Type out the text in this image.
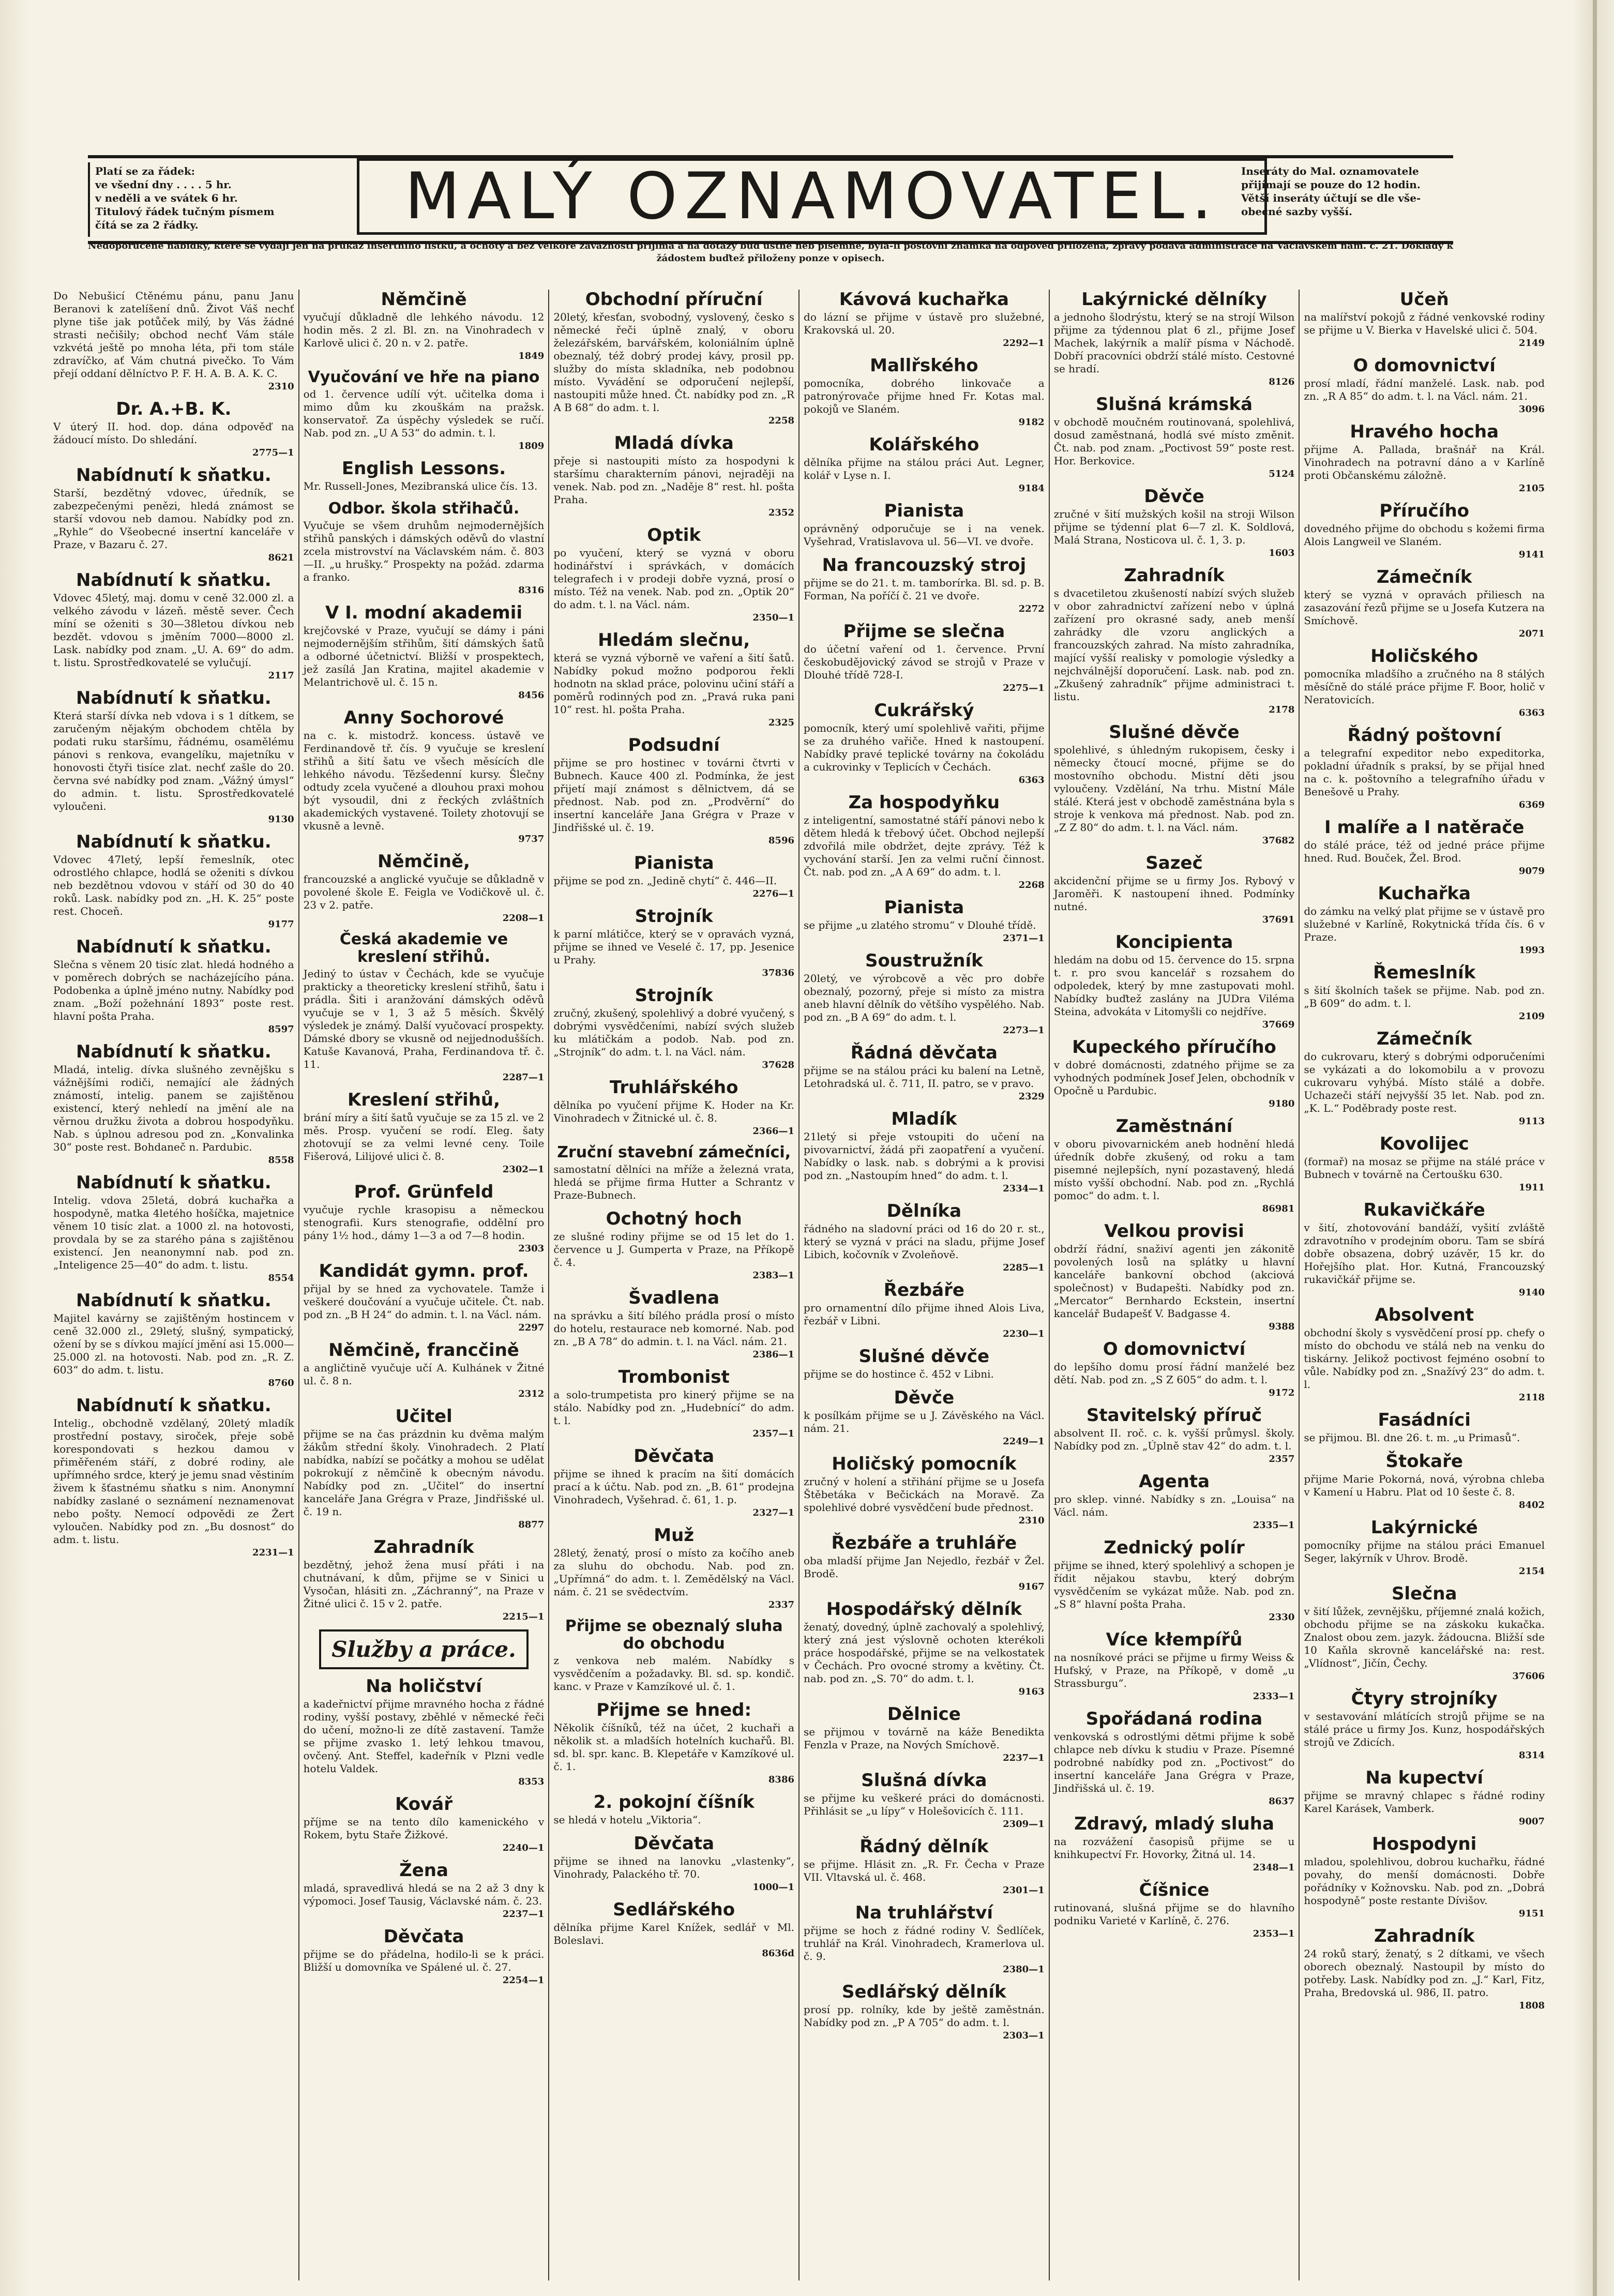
Platí se za řádek:
ve všední dny . . . . 5 hr.
v neděli a ve svátek 6 hr.
Titulový řádek tučným písmem
čítá se za 2 řádky.	MALÝ OZNAMOVATEL. Inseráty do Mal. oznamovatele
přijímají se pouze do 12 hodin.
Větší inseráty účtují se dle vše-
obecné sazby vyšší.
Nedoporučené nabídky, které se vydají jen na průkaz insertního lístku, a ochoty a bez velkoré závaznosti přijímá a na dotazy buď ústně neb písemně, byla-li poštovní známka na odpověď přiložena, zprávy podává administrace na Václavském nám. č. 21. Doklady k žádostem buďtež přiloženy ponze v opisech.
Do Nebušicí Ctěnému pánu, panu Janu Beranovi k zatelíšení dnů. Život Váš nechť plyne tiše jak potůček milý, by Vás žádné strasti nečišily; obchod nechť Vám stále vzkvétá ještě po mnoha léta, při tom stále zdravíčko, ať Vám chutná pivečko. To Vám přejí oddaní dělníctvo P. F. H. A. B. A. K. C.
2310
Dr. A.+B. K.
V úterý II. hod. dop. dána odpověď na žádoucí místo. Do shledání.
2775—1
Nabídnutí k sňatku.
Starší, bezdětný vdovec, úředník, se zabezpečenými penězi, hledá známost se starší vdovou neb damou. Nabídky pod zn. „Ryhle“ do Všeobecné insertní kanceláře v Praze, v Bazaru č. 27.
8621
Nabídnutí k sňatku.
Vdovec 45letý, maj. domu v ceně 32.000 zl. a velkého závodu v lázeň. městě sever. Čech míní se oženiti s 30—38letou dívkou neb bezdět. vdovou s jměním 7000—8000 zl. Lask. nabídky pod znam. „U. A. 69“ do adm. t. listu. Sprostředkovatelé se vylučují.
2117
Nabídnutí k sňatku.
Která starší dívka neb vdova i s 1 dítkem, se zaručeným nějakým obchodem chtěla by podati ruku staršímu, řádnému, osamělému pánovi s renkova, evangelíku, majetníku v honovosti čtyři tisíce zlat. nechť zašle do 20. června své nabídky pod znam. „Vážný úmysl“ do admin. t. listu. Sprostředkovatelé vyloučeni.
9130
Nabídnutí k sňatku.
Vdovec 47letý, lepší řemeslník, otec odrostlého chlapce, hodlá se oženiti s dívkou neb bezdětnou vdovou v stáří od 30 do 40 roků. Lask. nabídky pod zn. „H. K. 25“ poste rest. Choceň.
9177
Nabídnutí k sňatku.
Slečna s věnem 20 tisíc zlat. hledá hodného a v poměrech dobrých se nacházejícího pána. Podobenka a úplně jméno nutny. Nabídky pod znam. „Boží požehnání 1893“ poste rest. hlavní pošta Praha.
8597
Nabídnutí k sňatku.
Mladá, intelig. dívka slušného zevnějšku s vážnějšími rodiči, nemající ale žádných známostí, intelig. panem se zajištěnou existencí, který nehledí na jmění ale na věrnou družku života a dobrou hospodyňku. Nab. s úplnou adresou pod zn. „Konvalinka 30“ poste rest. Bohdaneč n. Pardubic.
8558
Nabídnutí k sňatku.
Intelig. vdova 25letá, dobrá kuchařka a hospodyně, matka 4letého hošíčka, majetnice věnem 10 tisíc zlat. a 1000 zl. na hotovosti, provdala by se za starého pána s zajištěnou existencí. Jen neanonymní nab. pod zn. „Inteligence 25—40“ do adm. t. listu.
8554
Nabídnutí k sňatku.
Majitel kavárny se zajištěným hostincem v ceně 32.000 zl., 29letý, slušný, sympatický, ožení by se s dívkou mající jmění asi 15.000—25.000 zl. na hotovosti. Nab. pod zn. „R. Z. 603“ do adm. t. listu.
8760
Nabídnutí k sňatku.
Intelig., obchodně vzdělaný, 20letý mladík prostřední postavy, siroček, přeje sobě korespondovati s hezkou damou v přiměřeném stáří, z dobré rodiny, ale upřímného srdce, který je jemu snad věstiním živem k šťastnému sňatku s nim. Anonymní nabídky zaslané o seznámení neznamenovat nebo pošty. Nemocí odpovědi ze Žert vyloučen. Nabídky pod zn. „Bu dosnost“ do adm. t. listu.
2231—1
Němčině
vyučují důkladně dle lehkého návodu. 12 hodin měs. 2 zl. Bl. zn. na Vinohradech v Karlově ulici č. 20 n. v 2. patře.
1849
Vyučování ve hře na piano
od 1. července udílí výt. učitelka doma i mimo dům ku zkouškám na pražsk. konservatoř. Za úspěchy výsledek se ručí. Nab. pod zn. „U A 53“ do admin. t. l.
1809
English Lessons.
Mr. Russell-Jones, Mezibranská ulice čís. 13.
Odbor. škola střihačů.
Vyučuje se všem druhům nejmodernějších střihů panských i dámských oděvů do vlastní zcela mistrovství na Václavském nám. č. 803—II. „u hrušky.“ Prospekty na požád. zdarma a franko.
8316
V I. modní akademii
krejčovské v Praze, vyučují se dámy i páni nejmodernějším střihům, šití dámských šatů a odborné účetnictví. Bližší v prospektech, jež zasílá Jan Kratina, majitel akademie v Melantrichově ul. č. 15 n.
8456
Anny Sochorové
na c. k. mistodrž. koncess. ústavě ve Ferdinandově tř. čís. 9 vyučuje se kreslení střihů a šití šatu ve všech měsících dle lehkého návodu. Tězšedenní kursy. Šlečny odtudy zcela vyučené a dlouhou praxi mohou být vysoudil, dni z řeckých zvláštních akademických vystavené. Toilety zhotovují se vkusně a levně.
9737
Němčině,
francouzské a anglické vyučuje se důkladně v povolené škole E. Feigla ve Vodičkově ul. č. 23 v 2. patře.
2208—1
Česká akademie ve kreslení střihů.
Jediný to ústav v Čechách, kde se vyučuje prakticky a theoreticky kreslení střihů, šatu i prádla. Šiti i aranžování dámských oděvů vyučuje se v 1, 3 až 5 měsích. Škvělý výsledek je známý. Další vyučovací prospekty. Dámské dbory se vkusně od nejjednodušších. Katuše Kavanová, Praha, Ferdinandova tř. č. 11.
2287—1
Kreslení střihů,
brání míry a šití šatů vyučuje se za 15 zl. ve 2 měs. Prosp. vyučení se rodí. Eleg. šaty zhotovují se za velmi levné ceny. Toile Fišerová, Lilijové ulici č. 8.
2302—1
Prof. Grünfeld
vyučuje rychle krasopisu a německou stenografii. Kurs stenografie, oddělní pro pány 1½ hod., dámy 1—3 a od 7—8 hodin.
2303
Kandidát gymn. prof.
přijal by se hned za vychovatele. Tamže i veškeré doučování a vyučuje učitele. Čt. nab. pod zn. „B H 24“ do admin. t. l. na Václ. nám.
2297
Němčině, francčině
a angličtině vyučuje učí A. Kulhánek v Žitné ul. č. 8 n.
2312
Učitel
přijme se na čas prázdnin ku dvěma malým žákům střední školy. Vinohradech. 2 Platí nabídka, nabízí se počátky a mohou se udělat pokrokují z němčině k obecným návodu. Nabídky pod zn. „Učitel“ do insertní kanceláře Jana Grégra v Praze, Jindřišské ul. č. 19 n.
8877
Zahradník
bezdětný, jehož žena musí přáti i na chutnávaní, k dům, přijme se v Sinici u Vysočan, hlásiti zn. „Záchranný“, na Praze v Žitné ulici č. 15 v 2. patře.
2215—1
Služby a práce.
Na holičství
a kadeřnictví přijme mravného hocha z řádné rodiny, vyšší postavy, zběhlé v německé řeči do učení, možno-li ze dítě zastavení. Tamže se přijme zvasko 1. letý lehkou tmavou, ovčený. Ant. Steffel, kadeřník v Plzni vedle hotelu Valdek.
8353
Kovář
příjme se na tento dílo kamenického v Rokem, bytu Staře Žižkové.
2240—1
Žena
mladá, spravedlivá hledá se na 2 až 3 dny k výpomoci. Josef Tausig, Václavské nám. č. 23.
2237—1
Děvčata
přijme se do přádelna, hodilo-li se k práci. Bližší u domovníka ve Spálené ul. č. 27.
2254—1
Obchodní příruční
20letý, křesťan, svobodný, vyslovený, česko s německé řeči úplně znalý, v oboru železářském, barvářském, koloniálním úplně obeznalý, též dobrý prodej kávy, prosil pp. služby do místa skladníka, neb podobnou místo. Vyvádění se odporučení nejlepší, nastoupiti může hned. Čt. nabídky pod zn. „R A B 68“ do adm. t. l.
2258
Mladá dívka
přeje si nastoupiti místo za hospodyni k staršímu charakterním pánovi, nejraději na venek. Nab. pod zn. „Naděje 8“ rest. hl. pošta Praha.
2352
Optik
po vyučení, který se vyzná v oboru hodinářství i správkách, v domácích telegrafech i v prodeji dobře vyzná, prosí o místo. Též na venek. Nab. pod zn. „Optik 20“ do adm. t. l. na Václ. nám.
2350—1
Hledám slečnu,
která se vyzná výborně ve vaření a šití šatů. Nabídky pokud možno podporou řekli hodnotn na sklad práce, polovinu učiní stáří a poměrů rodinných pod zn. „Pravá ruka pani 10“ rest. hl. pošta Praha.
2325
Podsudní
přijme se pro hostinec v továrni čtvrti v Bubnech. Kauce 400 zl. Podmínka, že jest přijetí mají známost s dělnictvem, dá se přednost. Nab. pod zn. „Prodvěrní“ do insertní kanceláře Jana Grégra v Praze v Jindřišské ul. č. 19.
8596
Pianista
přijme se pod zn. „Jedině chytí“ č. 446—II.
2276—1
Strojník
k parní mlátičce, který se v opravách vyzná, přijme se ihned ve Veselé č. 17, pp. Jesenice u Prahy.
37836
Strojník
zručný, zkušený, spolehlivý a dobré vyučený, s dobrými vysvědčeními, nabízí svých služeb ku mlátičkám a podob. Nab. pod zn. „Strojník“ do adm. t. l. na Václ. nám.
37628
Truhlářského
dělníka po vyučení přijme K. Hoder na Kr. Vinohradech v Žitnické ul. č. 8.
2366—1
Zruční stavební zámečníci,
samostatní dělníci na mříže a železná vrata, hledá se přijme firma Hutter a Schrantz v Praze-Bubnech.
Ochotný hoch
ze slušné rodiny přijme se od 15 let do 1. července u J. Gumperta v Praze, na Příkopě č. 4.
2383—1
Švadlena
na správku a šití bílého prádla prosí o místo do hotelu, restaurace neb komorné. Nab. pod zn. „B A 78“ do admin. t. l. na Václ. nám. 21.
2386—1
Trombonist
a solo-trumpetista pro kinerý přijme se na stálo. Nabídky pod zn. „Hudebnící“ do adm. t. l.
2357—1
Děvčata
přijme se ihned k pracím na šití domácích prací a k účtu. Nab. pod zn. „B. 61“ prodejna Vinohradech, Vyšehrad. č. 61, 1. p.
2327—1
Muž
28letý, ženatý, prosí o místo za kočího aneb za sluhu do obchodu. Nab. pod zn. „Upřímná“ do adm. t. l. Zemědělský na Václ. nám. č. 21 se svědectvím.
2337
Přijme se obeznalý sluha do obchodu
z venkova neb malém. Nabídky s vysvědčením a požadavky. Bl. sd. sp. kondič. kanc. v Praze v Kamzíkové ul. č. 1.
Přijme se hned:
Několik číšníků, též na účet, 2 kuchaři a několik st. a mladších hotelních kuchařů. Bl. sd. bl. spr. kanc. B. Klepetáře v Kamzíkové ul. č. 1.
8386
2. pokojní číšník
se hledá v hotelu „Viktoria“.
Děvčata
přijme se ihned na lanovku „vlastenky“, Vinohrady, Palackého tř. 70.
1000—1
Sedlářského
dělníka přijme Karel Knížek, sedlář v Ml. Boleslavi.
8636d
Kávová kuchařka
do lázní se přijme v ústavě pro služebné, Krakovská ul. 20.
2292—1
Mallřského
pomocníka, dobrého linkovače a patronýrovače přijme hned Fr. Kotas mal. pokojů ve Slaném.
9182
Kolářského
dělníka přijme na stálou práci Aut. Legner, kolář v Lyse n. I.
9184
Pianista
oprávněný odporučuje se i na venek. Vyšehrad, Vratislavova ul. 56—VI. ve dvoře.
Na francouzský stroj
přijme se do 21. t. m. tamborírka. Bl. sd. p. B. Forman, Na poříčí č. 21 ve dvoře.
2272
Přijme se slečna
do účetní vaření od 1. července. První českobudějovický závod se strojů v Praze v Dlouhé třídě 728-I.
2275—1
Cukrářský
pomocník, který umí spolehlivě vařiti, přijme se za druhého vařiče. Hned k nastoupení. Nabídky pravé teplické továrny na čokoládu a cukrovinky v Teplicích v Čechách.
6363
Za hospodyňku
z inteligentní, samostatné stáří pánovi nebo k dětem hledá k třebový účet. Obchod nejlepší zdvořilá mile obdržet, dejte zprávy. Též k vychování starší. Jen za velmi ruční činnost. Čt. nab. pod zn. „A A 69“ do adm. t. l.
2268
Pianista
se přijme „u zlatého stromu“ v Dlouhé třídě.
2371—1
Soustružník
20letý, ve výrobcově a věc pro dobře obeznalý, pozorný, přeje si místo za mistra aneb hlavní dělník do většího vyspělého. Nab. pod zn. „B A 69“ do adm. t. l.
2273—1
Řádná děvčata
přijme se na stálou práci ku balení na Letně, Letohradská ul. č. 711, II. patro, se v pravo.
2329
Mladík
21letý si přeje vstoupiti do učení na pivovarnictví, žádá při zaopatření a vyučení. Nabídky o lask. nab. s dobrými a k provisi pod zn. „Nastoupím hned“ do adm. t. l.
2334—1
Dělníka
řádného na sladovní práci od 16 do 20 r. st., který se vyzná v práci na sladu, přijme Josef Libich, kočovník v Zvoleňově.
2285—1
Řezbáře
pro ornamentní dílo přijme ihned Alois Liva, řezbář v Libni.
2230—1
Slušné děvče
přijme se do hostince č. 452 v Libni.
Děvče
k posílkám přijme se u J. Závěského na Václ. nám. 21.
2249—1
Holičský pomocník
zručný v holení a střihání přijme se u Josefa Štěbetáka v Bečickách na Moravě. Za spolehlivé dobré vysvědčení bude přednost.
2310
Řezbáře a truhláře
oba mladší přijme Jan Nejedlo, řezbář v Žel. Brodě.
9167
Hospodářský dělník
ženatý, dovedný, úplně zachovalý a spolehlivý, který zná jest výslovně ochoten kterékoli práce hospodářské, přijme se na velkostatek v Čechách. Pro ovocné stromy a květiny. Čt. nab. pod zn. „S. 70“ do adm. t. l.
9163
Dělnice
se přijmou v továrně na káže Benedikta Fenzla v Praze, na Nových Smíchově.
2237—1
Slušná dívka
se přijme ku veškeré práci do domácnosti. Přihlásit se „u lípy“ v Holešovicích č. 111.
2309—1
Řádný dělník
se přijme. Hlásit zn. „R. Fr. Čecha v Praze VII. Vltavská ul. č. 468.
2301—1
Na truhlářství
přijme se hoch z řádné rodiny V. Šedlíček, truhlář na Král. Vinohradech, Kramerlova ul. č. 9.
2380—1
Sedlářský dělník
prosí pp. rolníky, kde by ještě zaměstnán. Nabídky pod zn. „P A 705“ do adm. t. l.
2303—1
Lakýrnické dělníky
a jednoho šlodrýstu, který se na strojí Wilson přijme za týdennou plat 6 zl., přijme Josef Machek, lakýrník a malíř písma v Náchodě. Dobří pracovníci obdrží stálé místo. Cestovné se hradí.
8126
Slušná krámská
v obchodě moučném routinovaná, spolehlivá, dosud zaměstnaná, hodlá své místo změnit. Čt. nab. pod znam. „Poctivost 59“ poste rest. Hor. Berkovice.
5124
Děvče
zručné v šití mužských košil na stroji Wilson přijme se týdenní plat 6—7 zl. K. Soldlová, Malá Strana, Nosticova ul. č. 1, 3. p.
1603
Zahradník
s dvacetiletou zkušeností nabízí svých služeb v obor zahradnictví zařízení nebo v úplná zařízení pro okrasné sady, aneb menší zahrádky dle vzoru anglických a francouzských zahrad. Na místo zahradníka, mající vyšší realisky v pomologie výsledky a nejchválnější doporučení. Lask. nab. pod zn. „Zkušený zahradník“ přijme administraci t. listu.
2178
Slušné děvče
spolehlivé, s úhledným rukopisem, česky i německy čtoucí mocné, přijme se do mostovního obchodu. Mistní děti jsou vyloučeny. Vzdělání, Na trhu. Mistní Mále stálé. Která jest v obchodě zaměstnána byla s stroje k venkova má přednost. Nab. pod zn. „Z Z 80“ do adm. t. l. na Václ. nám.
37682
Sazeč
akcidenční přijme se u firmy Jos. Rybový v Jaroměři. K nastoupení ihned. Podmínky nutné.
37691
Koncipienta
hledám na dobu od 15. července do 15. srpna t. r. pro svou kancelář s rozsahem do odpoledek, který by mne zastupovati mohl. Nabídky buďtež zaslány na JUDra Viléma Steina, advokáta v Litomyšli co nejdříve.
37669
Kupeckého příručího
v dobré domácnosti, zdatného přijme se za vyhodných podmínek Josef Jelen, obchodník v Opočně u Pardubic.
9180
Zaměstnání
v oboru pivovarnickém aneb hodnění hledá úředník dobře zkušený, od roku a tam pisemné nejlepších, nyní pozastavený, hledá místo vyšší obchodní. Nab. pod zn. „Rychlá pomoc“ do adm. t. l.
86981
Velkou provisi
obdrží řádní, snaživí agenti jen zákonitě povolených losů na splátky u hlavní kanceláře bankovní obchod (akciová společnost) v Budapešti. Nabídky pod zn. „Mercator“ Bernhardo Eckstein, insertní kancelář Budapešť V. Badgasse 4.
9388
O domovnictví
do lepšího domu prosí řádní manželé bez dětí. Nab. pod zn. „S Z 605“ do adm. t. l.
9172
Stavitelský příruč
absolvent II. roč. c. k. vyšší průmysl. školy. Nabídky pod zn. „Úplně stav 42“ do adm. t. l.
2357
Agenta
pro sklep. vinné. Nabídky s zn. „Louisa“ na Václ. nám.
2335—1
Zednický polír
přijme se ihned, který spolehlivý a schopen je řídit nějakou stavbu, který dobrým vysvědčením se vykázat může. Nab. pod zn. „S 8“ hlavní pošta Praha.
2330
Více kłempířů
na nosníkové práci se přijme u firmy Weiss & Hufský, v Praze, na Příkopě, v domě „u Strassburgu“.
2333—1
Spořádaná rodina
venkovská s odrostlými dětmi přijme k sobě chlapce neb dívku k studiu v Praze. Písemné podrobné nabídky pod zn. „Poctivost“ do insertní kanceláře Jana Grégra v Praze, Jindřišská ul. č. 19.
8637
Zdravý, mladý sluha
na rozvážení časopisů přijme se u knihkupectví Fr. Hovorky, Žitná ul. 14.
2348—1
Číšnice
rutinovaná, slušná přijme se do hlavního podniku Varieté v Karlíně, č. 276.
2353—1
Učeň
na malířství pokojů z řádné venkovské rodiny se přijme u V. Bierka v Havelské ulici č. 504.
2149
O domovnictví
prosí mladí, řádní manželé. Lask. nab. pod zn. „R A 85“ do adm. t. l. na Václ. nám. 21.
3096
Hravého hocha
přijme A. Pallada, brašnář na Král. Vinohradech na potravní dáno a v Karlíně proti Občanskému záložně.
2105
Příručího
dovedného přijme do obchodu s kožemi firma Alois Langweil ve Slaném.
9141
Zámečník
který se vyzná v opravách přiliesch na zasazování řezů přijme se u Josefa Kutzera na Smíchově.
2071
Holičského
pomocníka mladšího a zručného na 8 stálých měsíčně do stálé práce přijme F. Boor, holič v Neratovicích.
6363
Řádný poštovní
a telegrafní expeditor nebo expeditorka, pokladní úřadník s praksí, by se přijal hned na c. k. poštovního a telegrafního úřadu v Benešově u Prahy.
6369
I malíře a I natěrače
do stálé práce, též od jedné práce přijme hned. Rud. Bouček, Žel. Brod.
9079
Kuchařka
do zámku na velký plat přijme se v ústavě pro služebné v Karlíně, Rokytnická třída čís. 6 v Praze.
1993
Řemeslník
s šití školních tašek se přijme. Nab. pod zn. „B 609“ do adm. t. l.
2109
Zámečník
do cukrovaru, který s dobrými odporučeními se vykázati a do lokomobilu a v provozu cukrovaru vyhýbá. Místo stálé a dobře. Uchazeči stáří nejvyšší 35 let. Nab. pod zn. „K. L.“ Poděbrady poste rest.
9113
Kovolijec
(formař) na mosaz se přijme na stálé práce v Bubnech v továrně na Čertoušku 630.
1911
Rukavičkáře
v šití, zhotovování bandáží, vyšití zvláště zdravotního v prodejním oboru. Tam se sbírá dobře obsazena, dobrý uzávěr, 15 kr. do Hořejšího plat. Hor. Kutná, Francouzský rukavičkář přijme se.
9140
Absolvent
obchodní školy s vysvědčení prosí pp. chefy o místo do obchodu ve stálá neb na venku do tiskárny. Jelikož poctivost fejméno osobní to vůle. Nabídky pod zn. „Snažívý 23“ do adm. t. l.
2118
Fasádníci
se přijmou. Bl. dne 26. t. m. „u Primasů“.
Štokaře
přijme Marie Pokorná, nová, výrobna chleba v Kamení u Habru. Plat od 10 šeste č. 8.
8402
Lakýrnické
pomocníky přijme na stálou práci Emanuel Seger, lakýrník v Uhrov. Brodě.
2154
Slečna
v šití lůžek, zevnějšku, příjemné znalá kožich, obchodu přijme se na záskoku kukačka. Znalost obou zem. jazyk. žádoucna. Bližší sde 10 Kaňla skrovně kancelářské na: rest. „Vlídnost“, Jičín, Čechy.
37606
Čtyry strojníky
v sestavování mlátících strojů přijme se na stálé práce u firmy Jos. Kunz, hospodářských strojů ve Zdicích.
8314
Na kupectví
přijme se mravný chlapec s řádné rodiny Karel Karásek, Vamberk.
9007
Hospodyni
mladou, spolehlivou, dobrou kuchařku, řádné povahy, do menší domácnosti. Dobře pořádníky v Kožnovsku. Nab. pod zn. „Dobrá hospodyně“ poste restante Dívišov.
9151
Zahradník
24 roků starý, ženatý, s 2 dítkami, ve všech oborech obeznalý. Nastoupil by místo do potřeby. Lask. Nabídky pod zn. „J.“ Karl, Fitz, Praha, Bredovská ul. 986, II. patro.
1808
